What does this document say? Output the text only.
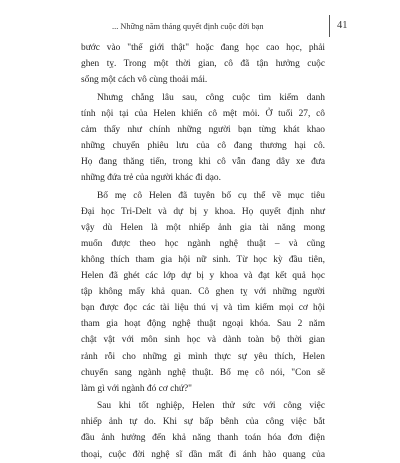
... Những năm tháng quyết định cuộc đời bạn	41
bước vào "thế giới thật" hoặc đang học cao học, phải
ghen tỵ. Trong một thời gian, cô đã tận hưởng cuộc
sống một cách vô cùng thoải mái.
Nhưng chẳng lâu sau, công cuộc tìm kiếm danh
tính nội tại của Helen khiến cô mệt mỏi. Ở tuổi 27, cô
cảm thấy như chính những người bạn từng khát khao
những chuyến phiêu lưu của cô đang thương hại cô.
Họ đang thăng tiến, trong khi cô vẫn đang dây xe đưa
những đứa trẻ của người khác đi dạo.
Bố mẹ cô Helen đã tuyên bố cụ thể về mục tiêu
Đại học Tri-Delt và dự bị y khoa. Họ quyết định như
vậy dù Helen là một nhiếp ảnh gia tài năng mong
muốn được theo học ngành nghệ thuật – và cũng
không thích tham gia hội nữ sinh. Từ học kỳ đầu tiên,
Helen đã ghét các lớp dự bị y khoa và đạt kết quả học
tập không mấy khả quan. Cô ghen tỵ với những người
bạn được đọc các tài liệu thú vị và tìm kiếm mọi cơ hội
tham gia hoạt động nghệ thuật ngoại khóa. Sau 2 năm
chật vật với môn sinh học và dành toàn bộ thời gian
rảnh rỗi cho những gì mình thực sự yêu thích, Helen
chuyển sang ngành nghệ thuật. Bố mẹ cô nói, "Con sẽ
làm gì với ngành đó cơ chứ?"
Sau khi tốt nghiệp, Helen thử sức với công việc
nhiếp ảnh tự do. Khi sự bấp bênh của công việc bắt
đầu ảnh hưởng đến khả năng thanh toán hóa đơn điện
thoại, cuộc đời nghệ sĩ dần mất đi ánh hào quang của
